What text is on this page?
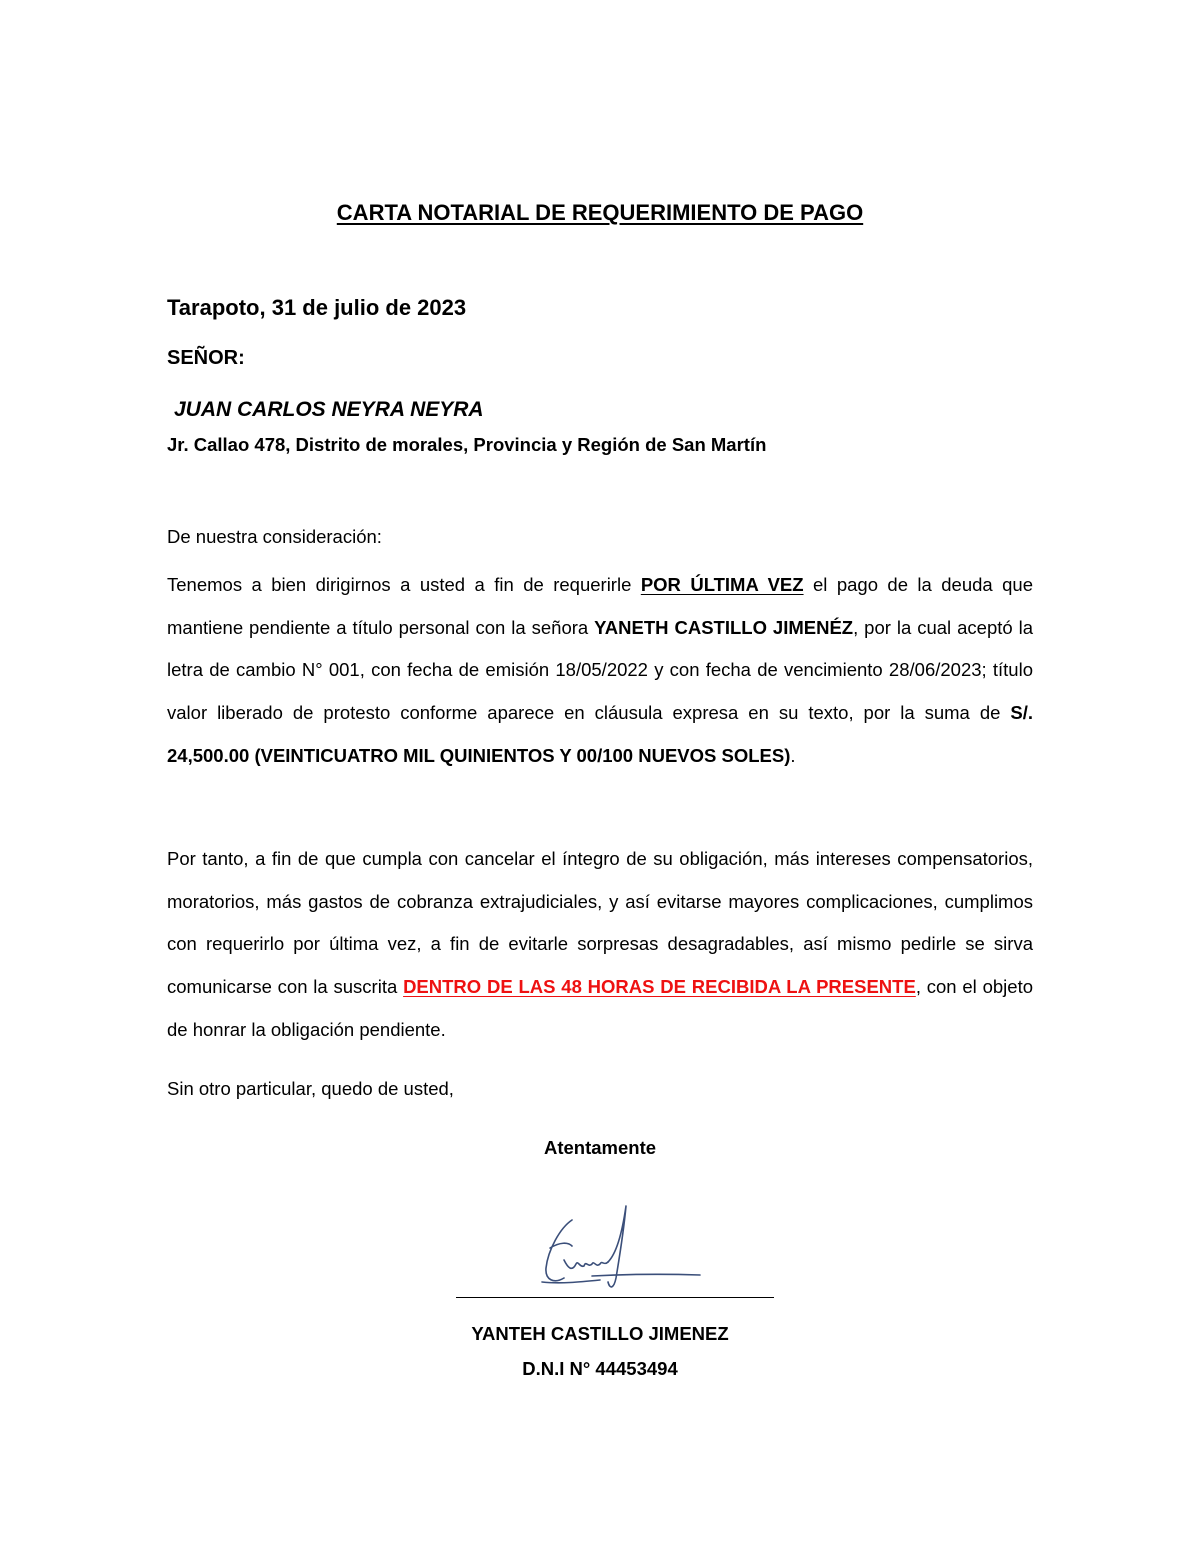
CARTA NOTARIAL DE REQUERIMIENTO DE PAGO
Tarapoto, 31 de julio de 2023
SEÑOR:
JUAN CARLOS NEYRA NEYRA
Jr. Callao 478, Distrito de morales, Provincia y Región de San Martín
De nuestra consideración:
Tenemos a bien dirigirnos a usted a fin de requerirle POR ÚLTIMA VEZ el pago de la deuda que mantiene pendiente a título personal con la señora YANETH CASTILLO JIMENÉZ, por la cual aceptó la letra de cambio N° 001, con fecha de emisión 18/05/2022 y con fecha de vencimiento 28/06/2023; título valor liberado de protesto conforme aparece en cláusula expresa en su texto, por la suma de S/. 24,500.00 (VEINTICUATRO MIL QUINIENTOS Y 00/100 NUEVOS SOLES).
Por tanto, a fin de que cumpla con cancelar el íntegro de su obligación, más intereses compensatorios, moratorios, más gastos de cobranza extrajudiciales, y así evitarse mayores complicaciones, cumplimos con requerirlo por última vez, a fin de evitarle sorpresas desagradables, así mismo pedirle se sirva comunicarse con la suscrita DENTRO DE LAS 48 HORAS DE RECIBIDA LA PRESENTE, con el objeto de honrar la obligación pendiente.
Sin otro particular, quedo de usted,
Atentamente
YANTEH CASTILLO JIMENEZ
D.N.I N° 44453494
